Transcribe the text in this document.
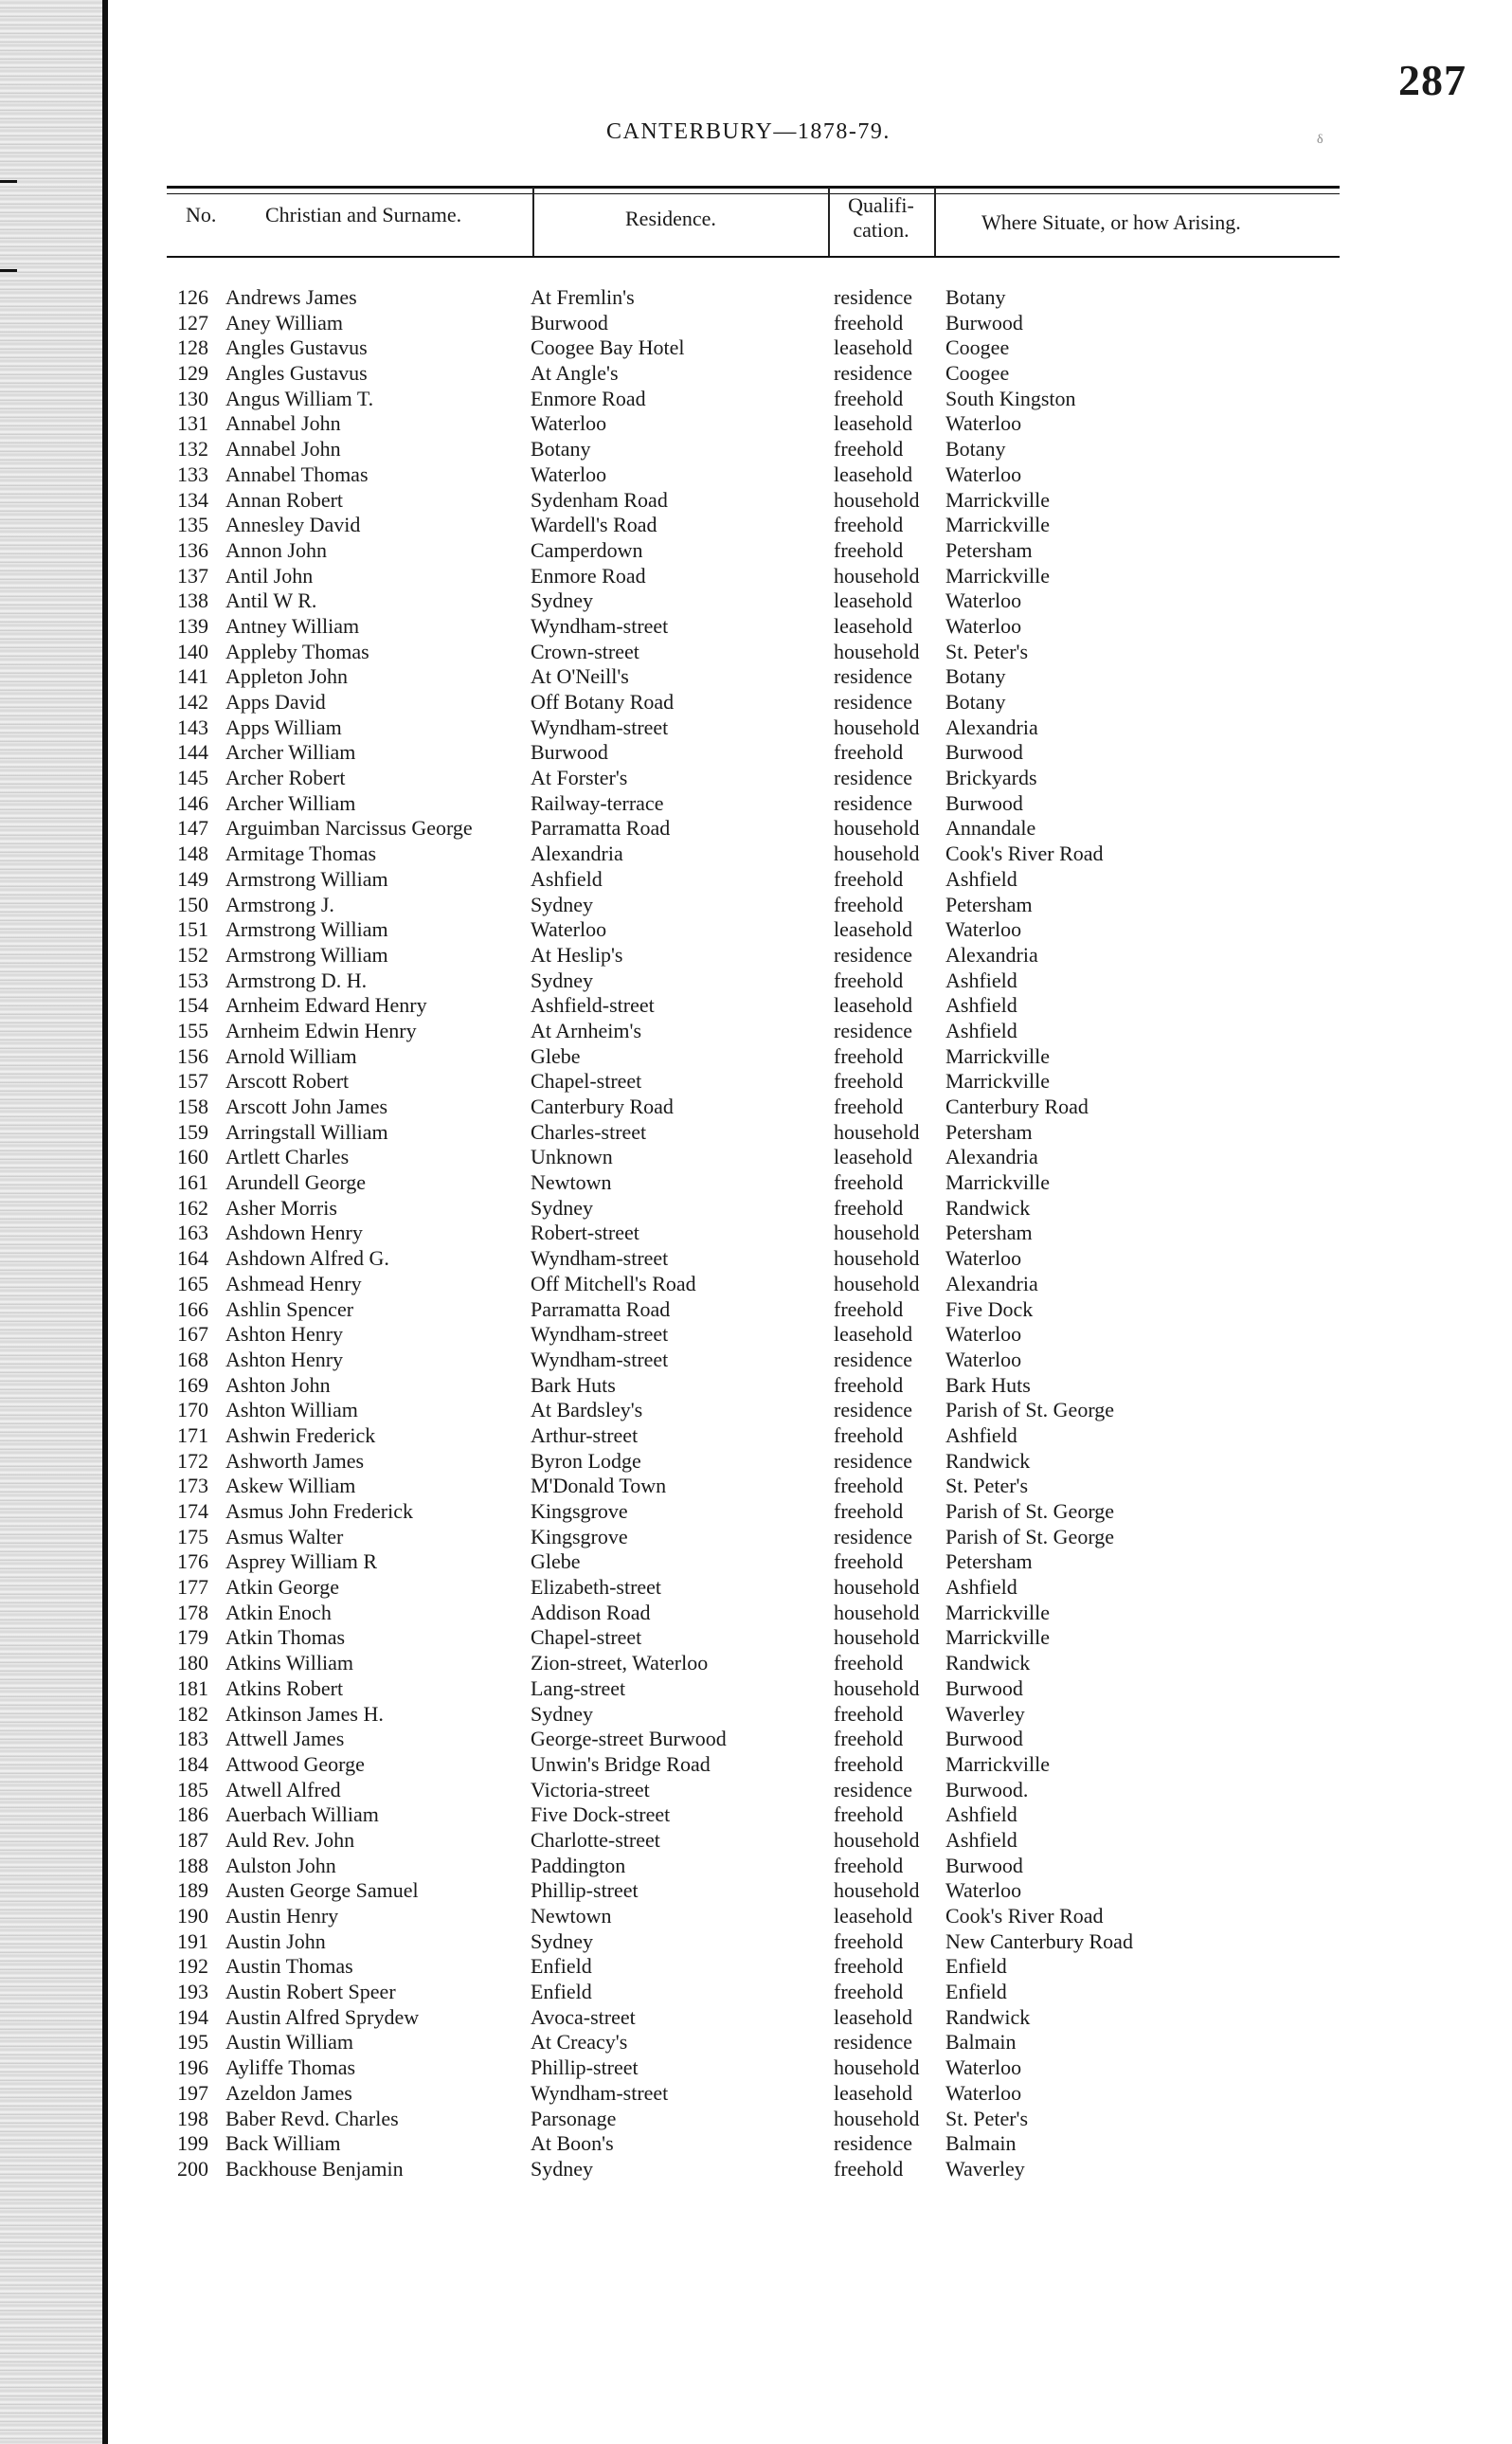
287
CANTERBURY—1878-79.	δ
No. Christian and Surname.	Residence.
Qualifi-
cation.	Where Situate, or how Arising.
126 Andrews James	At Fremlin's	residence	Botany
127 Aney William	Burwood	freehold	Burwood
128 Angles Gustavus	Coogee Bay Hotel	leasehold	Coogee
129 Angles Gustavus	At Angle's	residence	Coogee
130 Angus William T.	Enmore Road	freehold	South Kingston
131 Annabel John	Waterloo	leasehold	Waterloo
132 Annabel John	Botany	freehold	Botany
133 Annabel Thomas	Waterloo	leasehold	Waterloo
134 Annan Robert	Sydenham Road	household	Marrickville
135 Annesley David	Wardell's Road	freehold	Marrickville
136 Annon John	Camperdown	freehold	Petersham
137 Antil John	Enmore Road	household	Marrickville
138 Antil W R.	Sydney	leasehold	Waterloo
139 Antney William	Wyndham-street	leasehold	Waterloo
140 Appleby Thomas	Crown-street	household	St. Peter's
141 Appleton John	At O'Neill's	residence	Botany
142 Apps David	Off Botany Road	residence	Botany
143 Apps William	Wyndham-street	household	Alexandria
144 Archer William	Burwood	freehold	Burwood
145 Archer Robert	At Forster's	residence	Brickyards
146 Archer William	Railway-terrace	residence	Burwood
147 Arguimban Narcissus George	Parramatta Road	household	Annandale
148 Armitage Thomas	Alexandria	household	Cook's River Road
149 Armstrong William	Ashfield	freehold	Ashfield
150 Armstrong J.	Sydney	freehold	Petersham
151 Armstrong William	Waterloo	leasehold	Waterloo
152 Armstrong William	At Heslip's	residence	Alexandria
153 Armstrong D. H.	Sydney	freehold	Ashfield
154 Arnheim Edward Henry	Ashfield-street	leasehold	Ashfield
155 Arnheim Edwin Henry	At Arnheim's	residence	Ashfield
156 Arnold William	Glebe	freehold	Marrickville
157 Arscott Robert	Chapel-street	freehold	Marrickville
158 Arscott John James	Canterbury Road	freehold	Canterbury Road
159 Arringstall William	Charles-street	household	Petersham
160 Artlett Charles	Unknown	leasehold	Alexandria
161 Arundell George	Newtown	freehold	Marrickville
162 Asher Morris	Sydney	freehold	Randwick
163 Ashdown Henry	Robert-street	household	Petersham
164 Ashdown Alfred G.	Wyndham-street	household	Waterloo
165 Ashmead Henry	Off Mitchell's Road	household	Alexandria
166 Ashlin Spencer	Parramatta Road	freehold	Five Dock
167 Ashton Henry	Wyndham-street	leasehold	Waterloo
168 Ashton Henry	Wyndham-street	residence	Waterloo
169 Ashton John	Bark Huts	freehold	Bark Huts
170 Ashton William	At Bardsley's	residence	Parish of St. George
171 Ashwin Frederick	Arthur-street	freehold	Ashfield
172 Ashworth James	Byron Lodge	residence	Randwick
173 Askew William	M'Donald Town	freehold	St. Peter's
174 Asmus John Frederick	Kingsgrove	freehold	Parish of St. George
175 Asmus Walter	Kingsgrove	residence	Parish of St. George
176 Asprey William R	Glebe	freehold	Petersham
177 Atkin George	Elizabeth-street	household	Ashfield
178 Atkin Enoch	Addison Road	household	Marrickville
179 Atkin Thomas	Chapel-street	household	Marrickville
180 Atkins William	Zion-street, Waterloo	freehold	Randwick
181 Atkins Robert	Lang-street	household	Burwood
182 Atkinson James H.	Sydney	freehold	Waverley
183 Attwell James	George-street Burwood	freehold	Burwood
184 Attwood George	Unwin's Bridge Road	freehold	Marrickville
185 Atwell Alfred	Victoria-street	residence	Burwood.
186 Auerbach William	Five Dock-street	freehold	Ashfield
187 Auld Rev. John	Charlotte-street	household	Ashfield
188 Aulston John	Paddington	freehold	Burwood
189 Austen George Samuel	Phillip-street	household	Waterloo
190 Austin Henry	Newtown	leasehold	Cook's River Road
191 Austin John	Sydney	freehold	New Canterbury Road
192 Austin Thomas	Enfield	freehold	Enfield
193 Austin Robert Speer	Enfield	freehold	Enfield
194 Austin Alfred Sprydew	Avoca-street	leasehold	Randwick
195 Austin William	At Creacy's	residence	Balmain
196 Ayliffe Thomas	Phillip-street	household	Waterloo
197 Azeldon James	Wyndham-street	leasehold	Waterloo
198 Baber Revd. Charles	Parsonage	household	St. Peter's
199 Back William	At Boon's	residence	Balmain
200 Backhouse Benjamin	Sydney	freehold	Waverley
